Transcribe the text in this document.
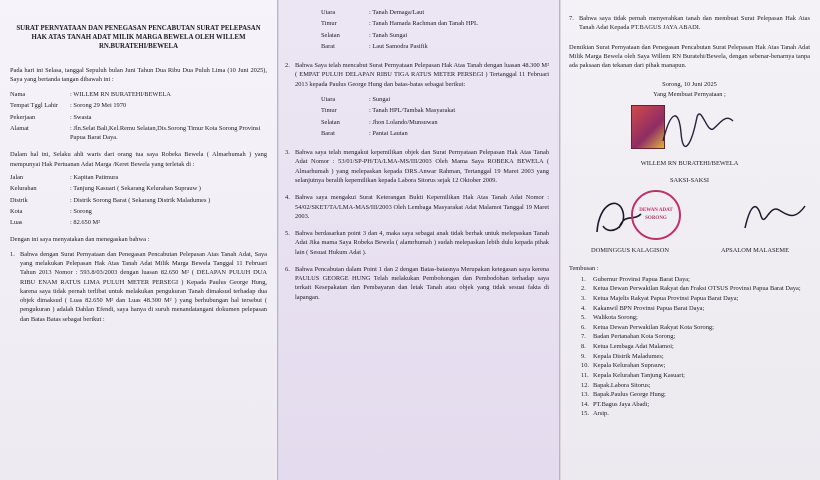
SURAT PERNYATAAN DAN PENEGASAN PENCABUTAN SURAT PELEPASAN
HAK ATAS TANAH ADAT MILIK MARGA BEWELA OLEH WILLEM
RN.BURATEHI/BEWELA

Pada hari ini Selasa, tanggal Sepuluh bulan Juni Tahun Dua Ribu Dua Puluh Lima (10 Juni 2025), Saya yang bertanda tangan dibawah ini :

Nama	: WILLEM RN BURATEHI/BEWELA
Tempat Tggl Lahir	: Sorong 29 Mei 1970
Pekerjaan	: Swasta
Alamat	: Jln.Selat Bali,Kel.Remu Selatan,Dis.Sorong Timur Kota Sorong Provinsi Papua Barat Daya.

Dalam hal ini, Selaku ahli waris dari orang tua saya Robeka Bewela ( Almarhumah ) yang mempunyai Hak Pertuanan Adat Marga /Keret Bewela yang terletak di :

Jalan	: Kapitan Patimura
Kelurahan	: Tanjung Kasuari ( Sekarang Kelurahan Suprauw )
Distrik	: Distrik Sorong Barat ( Sekarang Distrik Maladumes )
Kota	: Sorong
Luas	: 82.650 M²

Dengan ini saya menyatakan dan menegaskan bahwa :

1. Bahwa dengan Surat Pernyataan dan Penegasan Pencabutan Pelepasan Atas Tanah Adat, Saya yang melakukan Pelepasan Hak Atas Tanah Adat Milik Marga Bewela Tanggal 11 Februari Tahun 2013 Nomor : 593.8/03/2003 dengan luasan 82.650 M² ( DELAPAN PULUH DUA RIBU ENAM RATUS LIMA PULUH METER PERSEGI ) Kepada Paulus George Hung, karena saya tidak pernah terlibat untuk melakukan pengukuran Tanah dimaksud terhadap dua objek dimaksud ( Luas 82.650 M² dan Luas 48.300 M² ) yang berhubungan hal tersebut ( pengukuran ) adalah Dahlan Efendi, saya hanya di suruh menandatangani dokumen pelepasan dan Batas Batas sebagai berikut :
Utara	: Tanah Demaga/Laut
Timur	: Tanah Hamada Rachman dan Tanah HPL
Selatan	: Tanah Sungai
Barat	: Laut Samodra Pasifik
2. Bahwa Saya telah mencabut Surat Pernyataan Pelepasan Hak Atas Tanah dengan luasan 48.300 M² ( EMPAT PULUH DELAPAN RIBU TIGA RATUS METER PERSEGI ) Tertanggal 11 Februari 2013 kepada Paulus George Hung dan batas-batas sebagai berikut:
Utara	: Sungai
Timur	: Tanah HPL/Tambak Masyarakat
Selatan	: Jhon Lolando/Munsuwan
Barat	: Pantai Lautan
3. Bahwa saya telah mengakui kepemilikan objek dan Surat Pernyataan Pelepasan Hak Atas Tanah Adat Nomor : 53/01/SP-PH/TA/LMA-MS/III/2003 Oleh Mama Saya ROBEKA BEWELA ( Almarhumah ) yang melepaskan kepada DRS.Anwar Rahman, Tertanggal 19 Maret 2003 yang selanjutnya beralih kepemilikan kepada Labora Sitorus sejak 12 Oktober 2009.
4. Bahwa saya mengakui Surat Keterangan Bukti Kepemilikan Hak Atas Tanah Adat Nomor : 54/02/SKET/TA/LMA-MAS/III/2003 Oleh Lembaga Masyarakat Adat Malamoi Tanggal 19 Maret 2003.
5. Bahwa berdasarkan point 3 dan 4, maka saya sebagai anak tidak berhak untuk melepaskan Tanah Adat Jika mama Saya Robeka Bewela ( alamrhumah ) sudah melepaskan lebih dulu kepada pihak lain ( Sesuai Hukum Adat ).
6. Bahwa Pencabutan dalam Point 1 dan 2 dengan Batas-batasnya Merupakan ketegasan saya kerena PAULUS GEORGE HUNG Telah melakukan Pembohongan dan Pembodohan terhadap saya terkait Kesepakatan dan Pembayaran dan letak Tanah atau objek yang tidak sesuai fakta di lapangan.
7. Bahwa saya tidak pernah menyerahkan tanah dan membuat Surat Pelepasan Hak Atas Tanah Adat Kepada PT.BAGUS JAYA ABADI.

Demikian Surat Pernyataan dan Penegasan Pencabutan Surat Pelepasan Hak Atas Tanah Adat Milik Marga Bewela oleh Saya Willem RN Buratehi/Bewela, dengan sebenar-benarnya tanpa ada paksaan dan tekanan dari pihak manapun.

Sorong, 10 Juni 2025
Yang Membuat Pernyataan ;
WILLEM RN BURATEHI/BEWELA
SAKSI-SAKSI
DEWAN ADAT SORONG
DOMINGGUS KALAGISON	APSALOM MALASEME
Tembusan :
1.	Gubernur Provinsi Papua Barat Daya;
2.	Ketua Dewan Perwakilan Rakyat dan Fraksi OTSUS Provinsi Papua Barat Daya;
3.	Ketua Majelis Rakyat Papua Provinsi Papua Barat Daya;
4.	Kakanwil BPN Provinsi Papua Barat Daya;
5.	Walikota Sorong;
6.	Ketua Dewan Perwakilan Rakyat Kota Sorong;
7.	Badan Pertanahan Kota Sorong;
8.	Ketua Lembaga Adat Malamoi;
9.	Kepala Distrik Maladumes;
10. Kepala Kelurahan Suprauw;
11. Kepala Kelurahan Tanjung Kasuari;
12. Bapak.Labora Sitorus;
13. Bapak.Paulus George Hung;
14. PT.Bagus Jaya Abadi;
15. Arsip.
